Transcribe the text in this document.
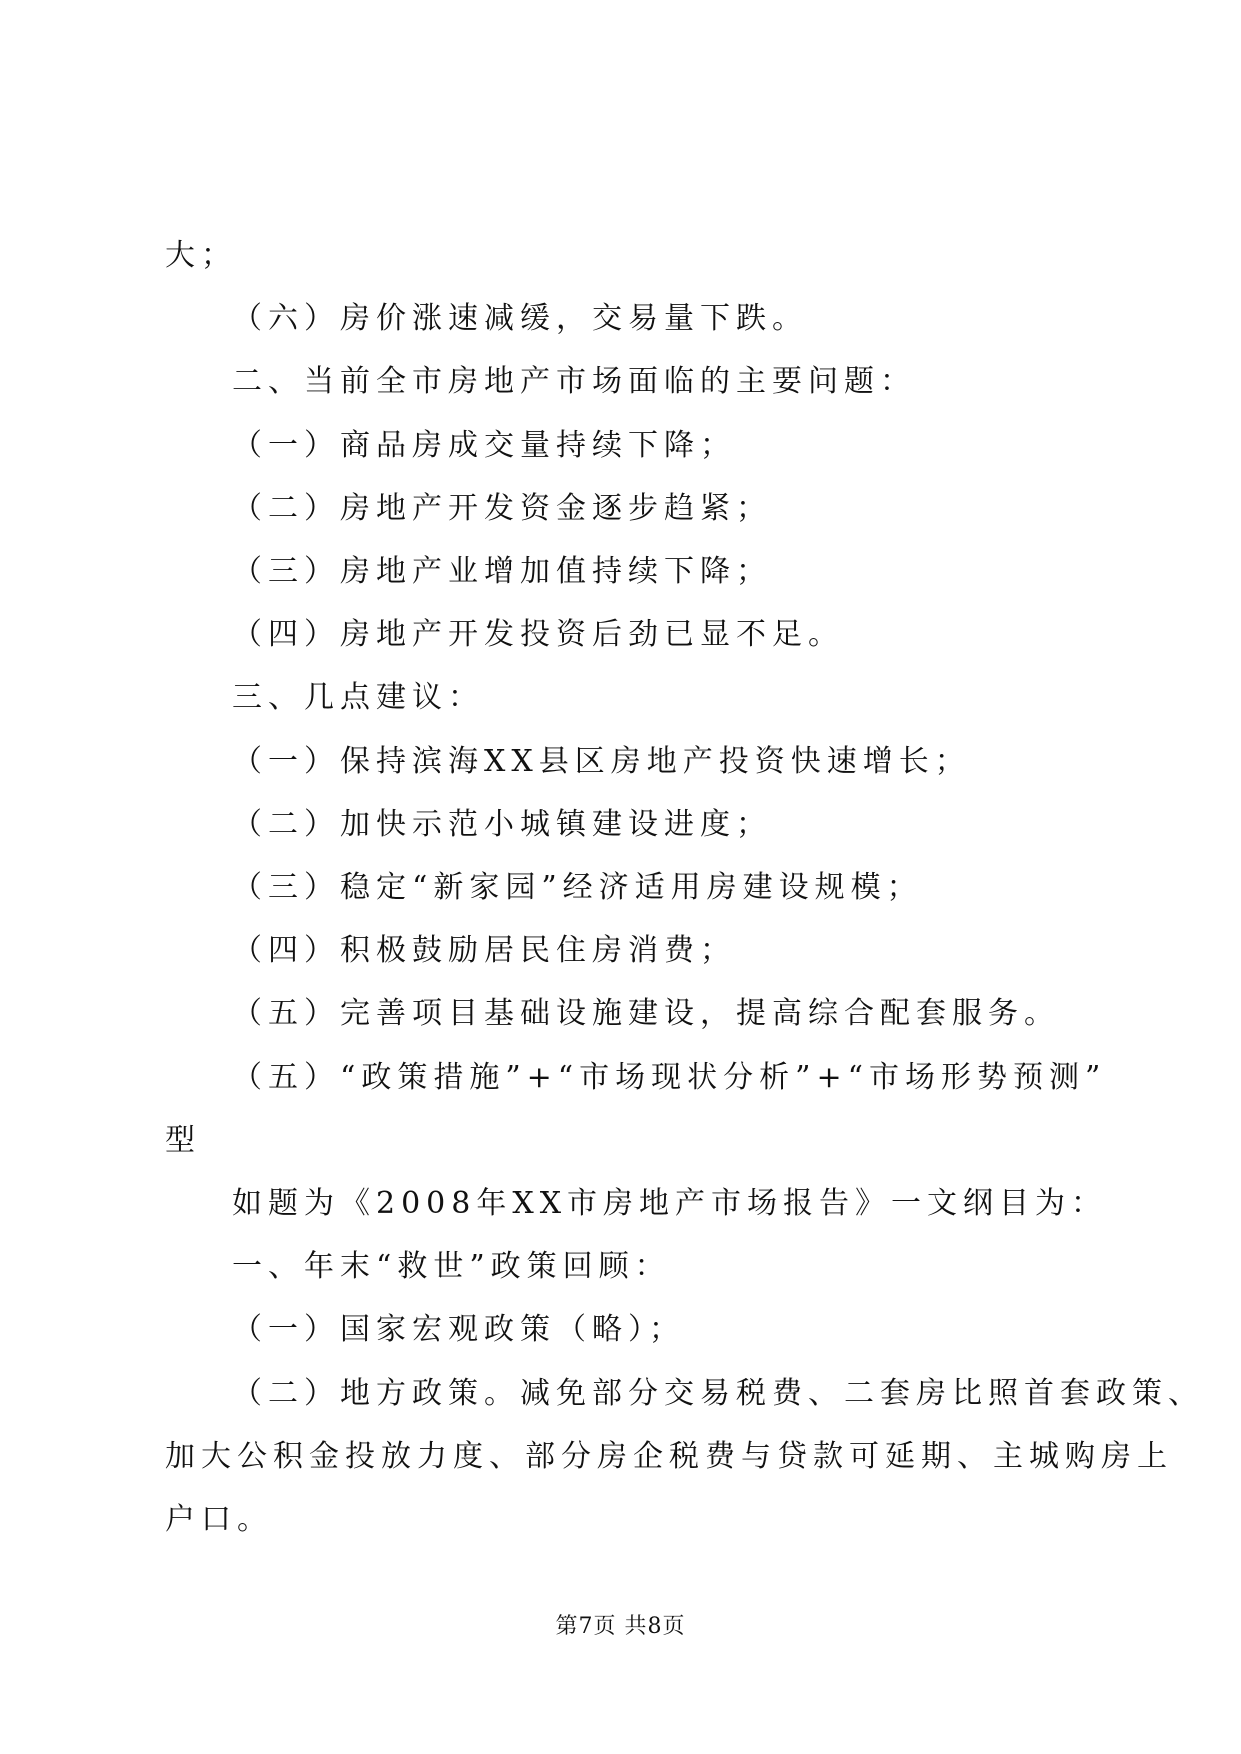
大；
（六）房价涨速减缓，交易量下跌。
二、当前全市房地产市场面临的主要问题：
（一）商品房成交量持续下降；
（二）房地产开发资金逐步趋紧；
（三）房地产业增加值持续下降；
（四）房地产开发投资后劲已显不足。
三、几点建议：
（一）保持滨海XX县区房地产投资快速增长；
（二）加快示范小城镇建设进度；
（三）稳定“新家园”经济适用房建设规模；
（四）积极鼓励居民住房消费；
（五）完善项目基础设施建设，提高综合配套服务。
（五）“政策措施”+“市场现状分析”+“市场形势预测”
型
如题为《2008年XX市房地产市场报告》一文纲目为：
一、年末“救世”政策回顾：
（一）国家宏观政策（略）；
（二）地方政策。减免部分交易税费、二套房比照首套政策、
加大公积金投放力度、部分房企税费与贷款可延期、主城购房上
户口。
第7页 共8页
